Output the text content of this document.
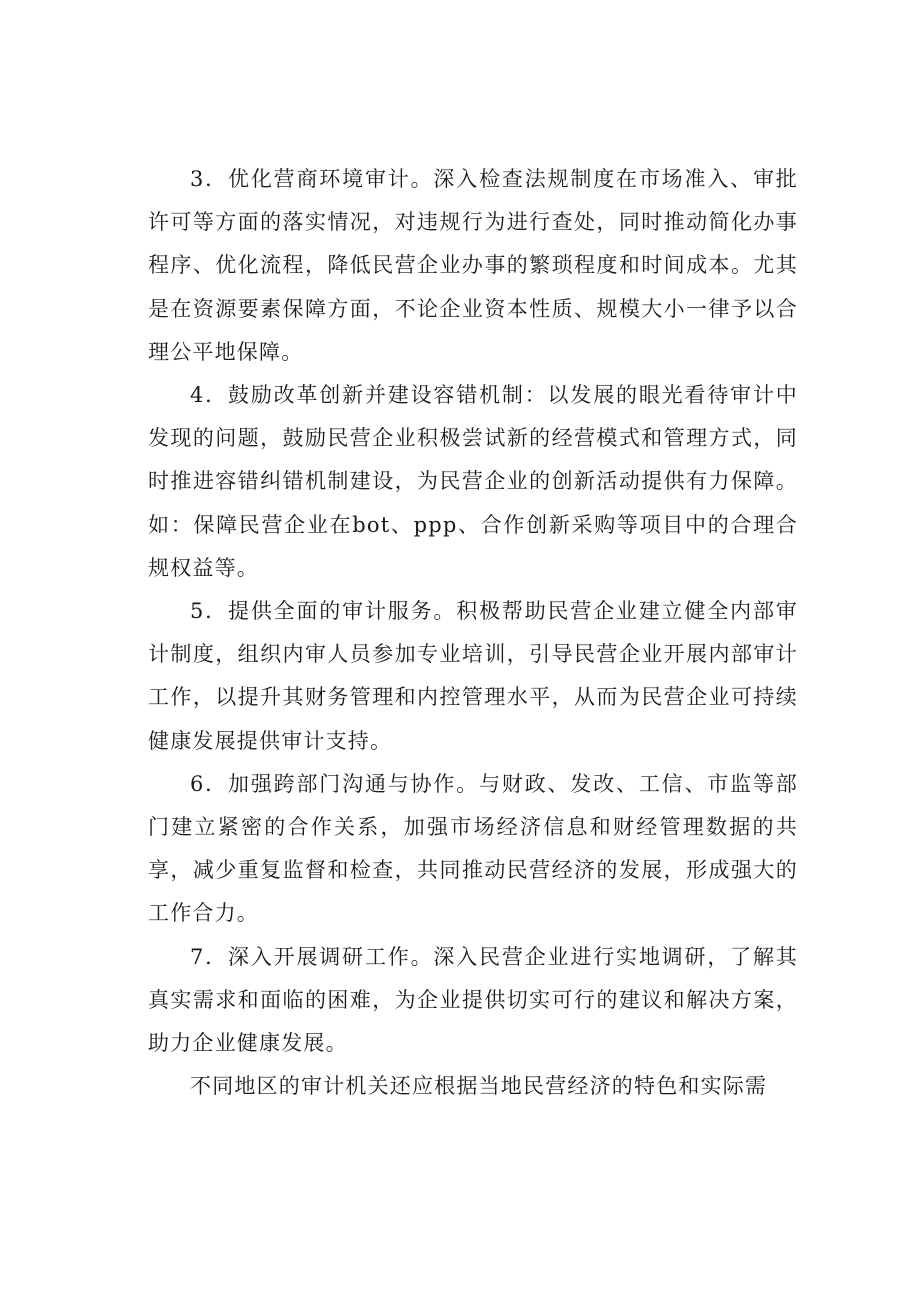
3．优化营商环境审计。深入检查法规制度在市场准入、审批许可等方面的落实情况，对违规行为进行查处，同时推动简化办事程序、优化流程，降低民营企业办事的繁琐程度和时间成本。尤其是在资源要素保障方面，不论企业资本性质、规模大小一律予以合理公平地保障。

4．鼓励改革创新并建设容错机制：以发展的眼光看待审计中发现的问题，鼓励民营企业积极尝试新的经营模式和管理方式，同时推进容错纠错机制建设，为民营企业的创新活动提供有力保障。如：保障民营企业在bot、ppp、合作创新采购等项目中的合理合规权益等。

5．提供全面的审计服务。积极帮助民营企业建立健全内部审计制度，组织内审人员参加专业培训，引导民营企业开展内部审计工作，以提升其财务管理和内控管理水平，从而为民营企业可持续健康发展提供审计支持。

6．加强跨部门沟通与协作。与财政、发改、工信、市监等部门建立紧密的合作关系，加强市场经济信息和财经管理数据的共享，减少重复监督和检查，共同推动民营经济的发展，形成强大的工作合力。

7．深入开展调研工作。深入民营企业进行实地调研，了解其真实需求和面临的困难，为企业提供切实可行的建议和解决方案，助力企业健康发展。

不同地区的审计机关还应根据当地民营经济的特色和实际需
